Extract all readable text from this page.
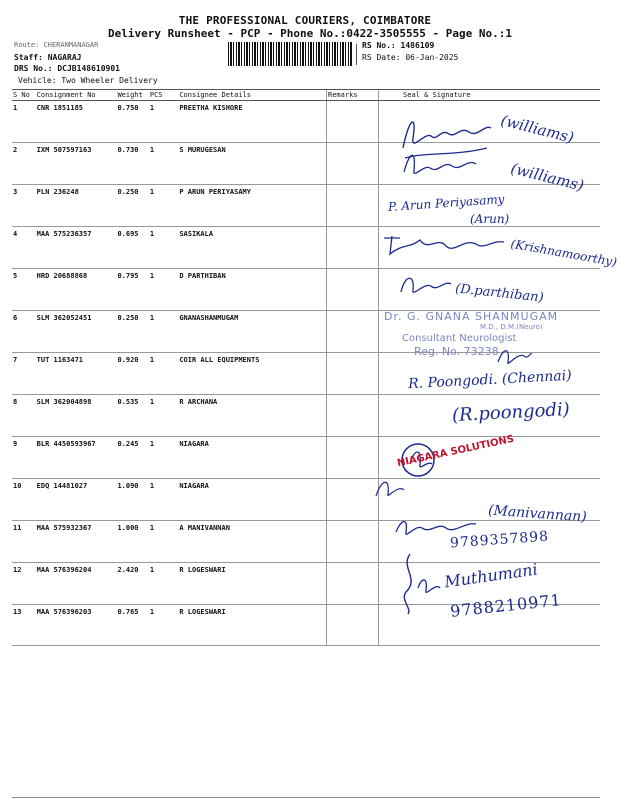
THE PROFESSIONAL COURIERS, COIMBATORE
Delivery Runsheet - PCP - Phone No.:0422-3505555 - Page No.:1
Route: CHERANMANAGAR	RS No.: 1486109
Staff: NAGARAJ	RS Date: 06-Jan-2025
DRS No.: DCJB148610901
Vehicle: Two Wheeler Delivery
S No	Consignment No	Weight	PCS	Consignee Details	Remarks	Seal & Signature
1	CNR 1851185	0.750	1	PREETHA KISHORE		
2	IXM 507597163	0.730	1	S MURUGESAN		
3	PLN 236248	0.250	1	P ARUN PERIYASAMY		
4	MAA 575236357	0.695	1	SASIKALA		
5	HRD 20688868	0.795	1	D PARTHIBAN		
6	SLM 362052451	0.250	1	GNANASHANMUGAM		
7	TUT 1163471	0.920	1	COIR ALL EQUIPMENTS		
8	SLM 362004898	0.535	1	R ARCHANA		
9	BLR 4450593967	0.245	1	NIAGARA		
10	EDQ 14481027	1.090	1	NIAGARA		
11	MAA 575932367	1.000	1	A MANIVANNAN		
12	MAA 576396204	2.420	1	R LOGESWARI		
13	MAA 576396203	0.765	1	R LOGESWARI		
(williams)
(williams)
P. Arun Periyasamy
(Arun)
(Krishnamoorthy)
(D.parthiban)
Dr. G. GNANA SHANMUGAM
M.D., D.M.(Neuro)
Consultant Neurologist
Reg. No. 73238
R. Poongodi. (Chennai)
(R.poongodi)
NIAGARA SOLUTIONS
(Manivannan)
9789357898
Muthumani
9788210971
